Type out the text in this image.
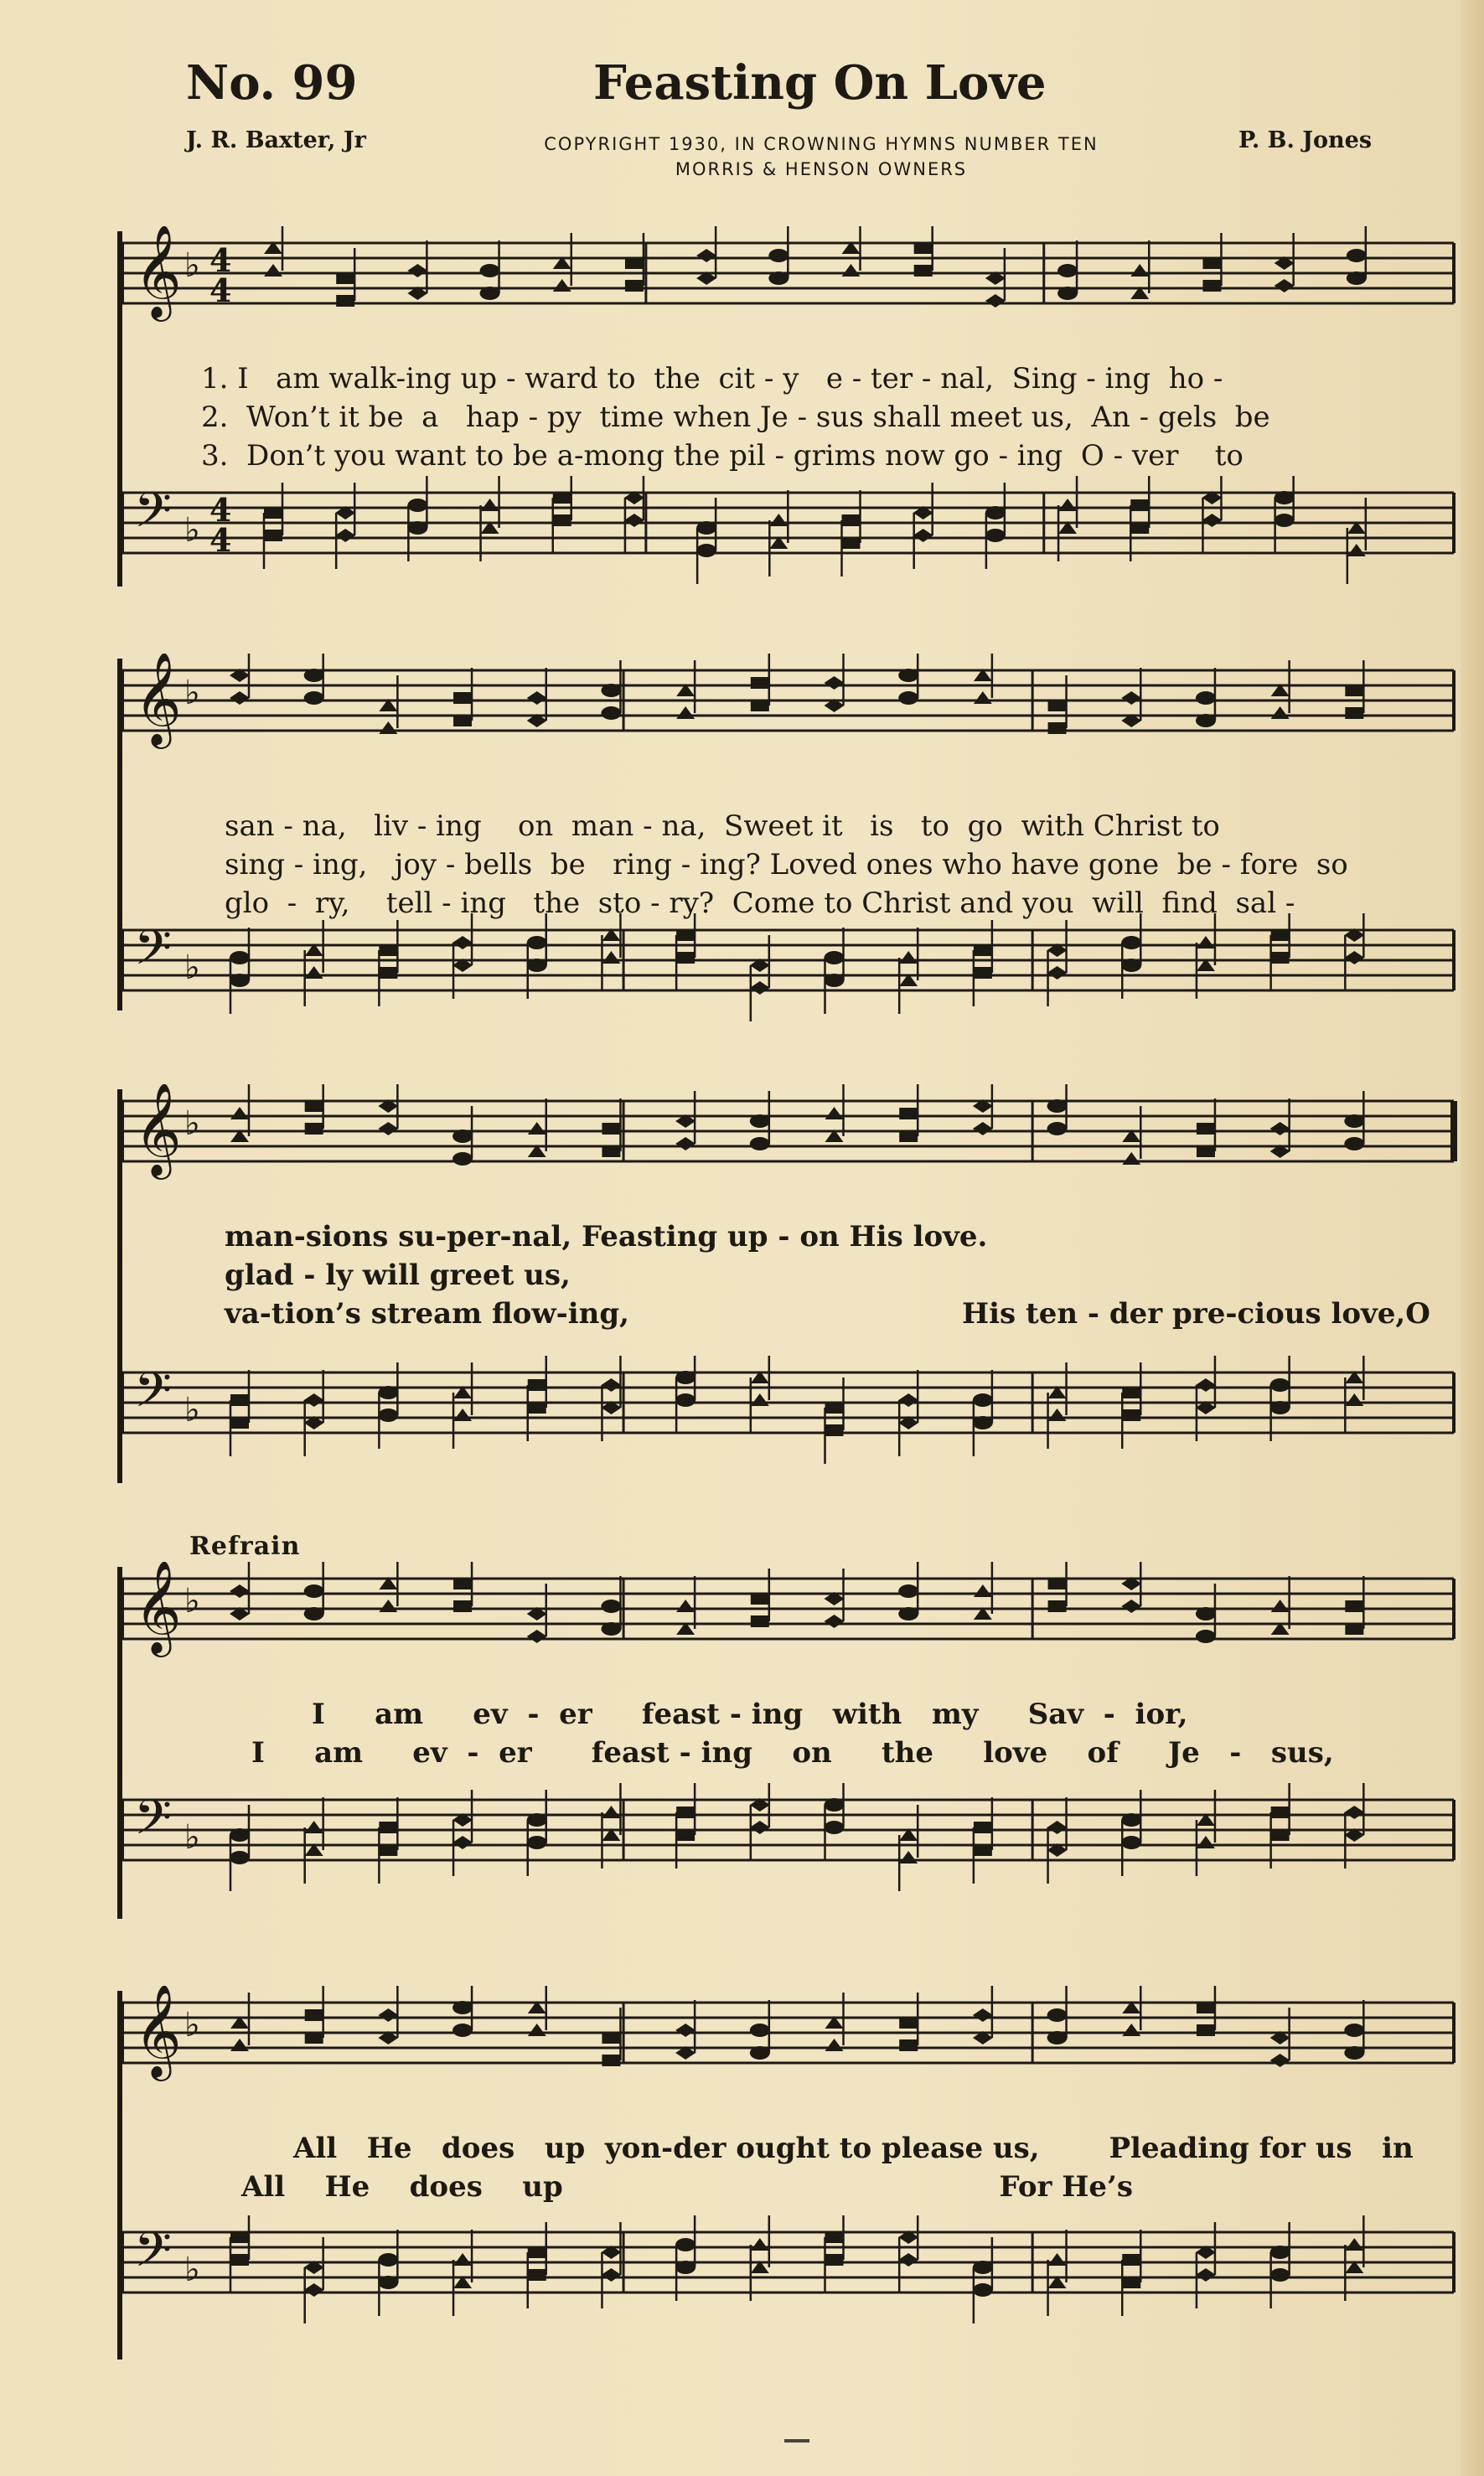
No. 99	Feasting On Love
J. R. Baxter, Jr	P. B. Jones
COPYRIGHT 1930, IN CROWNING HYMNS NUMBER TEN
MORRIS & HENSON OWNERS
𝄞 ♭ 4
4
1. I   am walk-ing up - ward to  the  cit - y   e - ter - nal,  Sing - ing  ho -
2.  Won’t it be  a   hap - py  time when Je - sus shall meet us,  An - gels  be
3.  Don’t you want to be a-mong the pil - grims now go - ing  O - ver    to
𝄢 ♭
4
4
𝄞 ♭
san - na,   liv - ing    on  man - na,  Sweet it   is   to  go  with Christ to
sing - ing,   joy - bells  be   ring - ing? Loved ones who have gone  be - fore  so
glo  -  ry,    tell - ing   the  sto - ry?  Come to Christ and you  will  find  sal -
𝄢 ♭
𝄞 ♭
man-sions su-per-nal, Feasting up - on His love.
glad - ly will greet us,
va-tion’s stream flow-ing,	His ten - der pre-cious love,O
𝄢 ♭
Refrain
𝄞 ♭
I     am     ev  -  er     feast - ing   with   my     Sav  -  ior,
I     am     ev  -  er      feast - ing    on     the     love    of     Je   -   sus,
𝄢 ♭
𝄞 ♭
All   He   does   up  yon-der ought to please us,       Pleading for us   in
All    He    does    up                                            For He’s
𝄢 ♭
